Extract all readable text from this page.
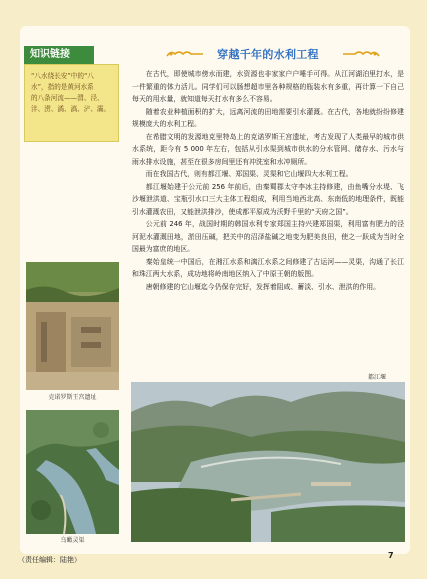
知识链接
“八水绕长安”中的“八
水”，指的是黄河水系
的八条河流——渭、泾、
沣、涝、潏、滈、浐、灞。
克诺罗斯王宫遗址
乌瞰灵渠
穿越千年的水利工程

在古代，即使城市傍水而建，水资源也非家家户户唾手可得。从江河湖泊里打水，是一件繁重的体力活儿。同学们可以肠想超市里各种规格的瓶装水有多重，再计算一下自己每天的用水量，就知道每天打水有多么不容易。

随着农业种植面积的扩大，远离河流的田地需要引水灌溉。在古代，各地就纷纷修建规模庞大的水利工程。

在希腊文明的发源地克里特岛上的克诺罗斯王宫遗址，考古发现了人类最早的城市供水系统，距今有 5 000 年左右，包括从引水渠到城市供水的分水管网、储存水、污水与雨水排水设施，甚至在很多房间里还有冲洗室和水冲厕所。

而在我国古代，则有都江堰、郑国渠、灵渠和它山堰四大水利工程。

都江堰始建于公元前 256 年前后，由秦蜀郡太守李冰主持修建，由鱼嘴分水堤、飞沙堰泄洪道、宝瓶引水口三大主体工程组成，利用当地西北高、东南低的地理条件，既能引水灌溉农田，又能泄洪排沙，使成都平原成为沃野千里的“天府之国”。

公元前 246 年，战国时期的韩国水利专家郑国主持兴建郑国渠，利用富有肥力的泾河泥水灌溉田地，淤田压碱，把关中的沼泽盐碱之地变为肥美良田，使之一跃成为当时全国最为富庶的地区。

秦始皇统一中国后，在湘江水系和漓江水系之间修建了古运河——灵渠，沟通了长江和珠江两大水系，成功地将岭南地区纳入了中原王朝的版图。

唐朝修建的它山堰迄今仍保存完好，发挥着阻咸、蓄淡、引水、泄洪的作用。

都江堰
（责任编辑：陆艳）	7
